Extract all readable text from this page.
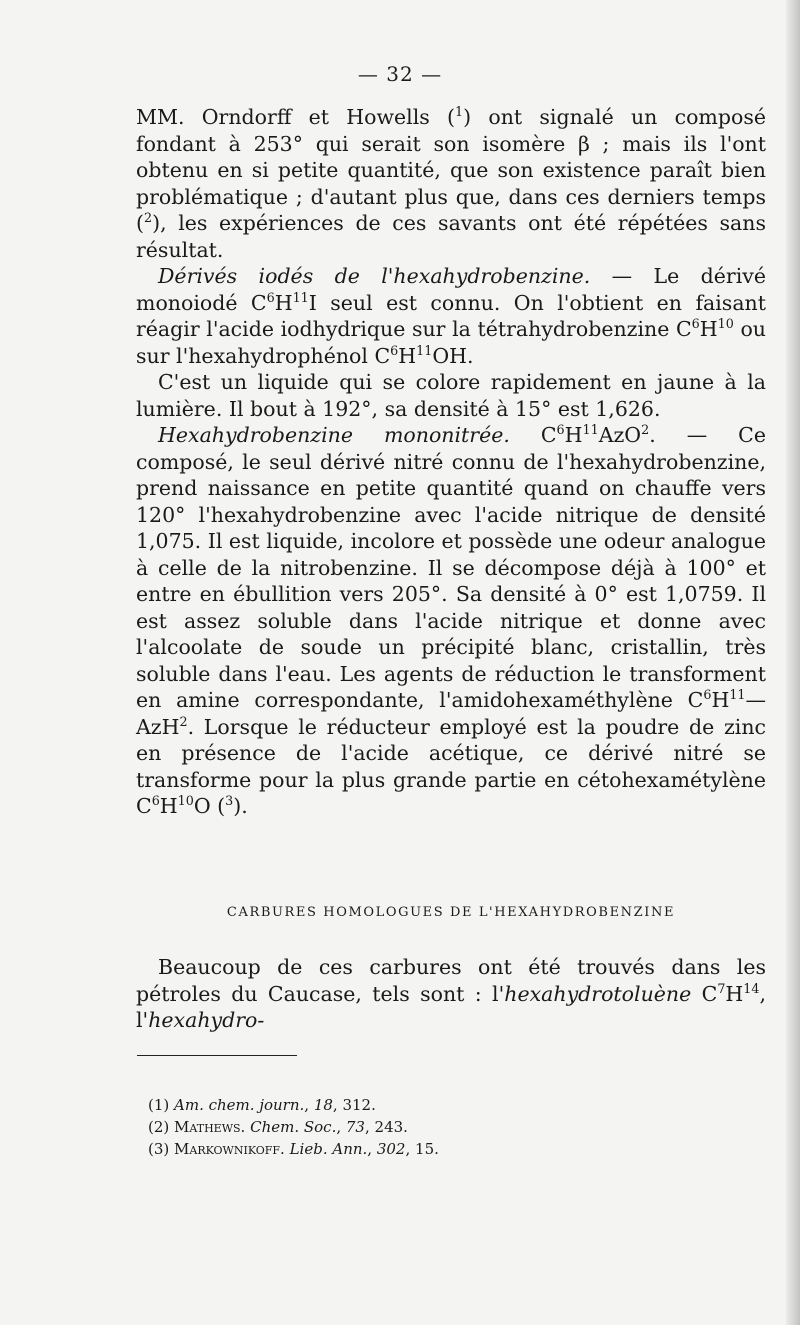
— 32 —

MM. Orndorff et Howells ($^1$) ont signalé un composé fondant à 253° qui serait son isomère β ; mais ils l'ont obtenu en si petite quantité, que son existence paraît bien problématique ; d'autant plus que, dans ces derniers temps ($^2$), les expériences de ces savants ont été répétées sans résultat.

Dérivés iodés de l'hexahydrobenzine. — Le dérivé monoiodé $C^6H^{11}I$ seul est connu. On l'obtient en faisant réagir l'acide iodhydrique sur la tétrahydrobenzine $C^6H^{10}$ ou sur l'hexahydrophénol $C^6H^{11}OH$.

C'est un liquide qui se colore rapidement en jaune à la lumière. Il bout à 192°, sa densité à 15° est 1,626.

Hexahydrobenzine mononitrée. $C^6H^{11}AzO^2$. — Ce composé, le seul dérivé nitré connu de l'hexahydrobenzine, prend naissance en petite quantité quand on chauffe vers 120° l'hexahydrobenzine avec l'acide nitrique de densité 1,075. Il est liquide, incolore et possède une odeur analogue à celle de la nitrobenzine. Il se décompose déjà à 100° et entre en ébullition vers 205°. Sa densité à 0° est 1,0759. Il est assez soluble dans l'acide nitrique et donne avec l'alcoolate de soude un précipité blanc, cristallin, très soluble dans l'eau. Les agents de réduction le transforment en amine correspondante, l'amidohexaméthylène $C^6H^{11}—AzH^2$. Lorsque le réducteur employé est la poudre de zinc en présence de l'acide acétique, ce dérivé nitré se transforme pour la plus grande partie en cétohexamétylène $C^6H^{10}O$ ($^3$).

CARBURES HOMOLOGUES DE L'HEXAHYDROBENZINE

Beaucoup de ces carbures ont été trouvés dans les pétroles du Caucase, tels sont : l'hexahydrotoluène $C^7H^{14}$, l'hexahydro-

(1) Am. chem. journ., 18, 312.
(2) Mathews. Chem. Soc., 73, 243.
(3) Markownikoff. Lieb. Ann., 302, 15.
